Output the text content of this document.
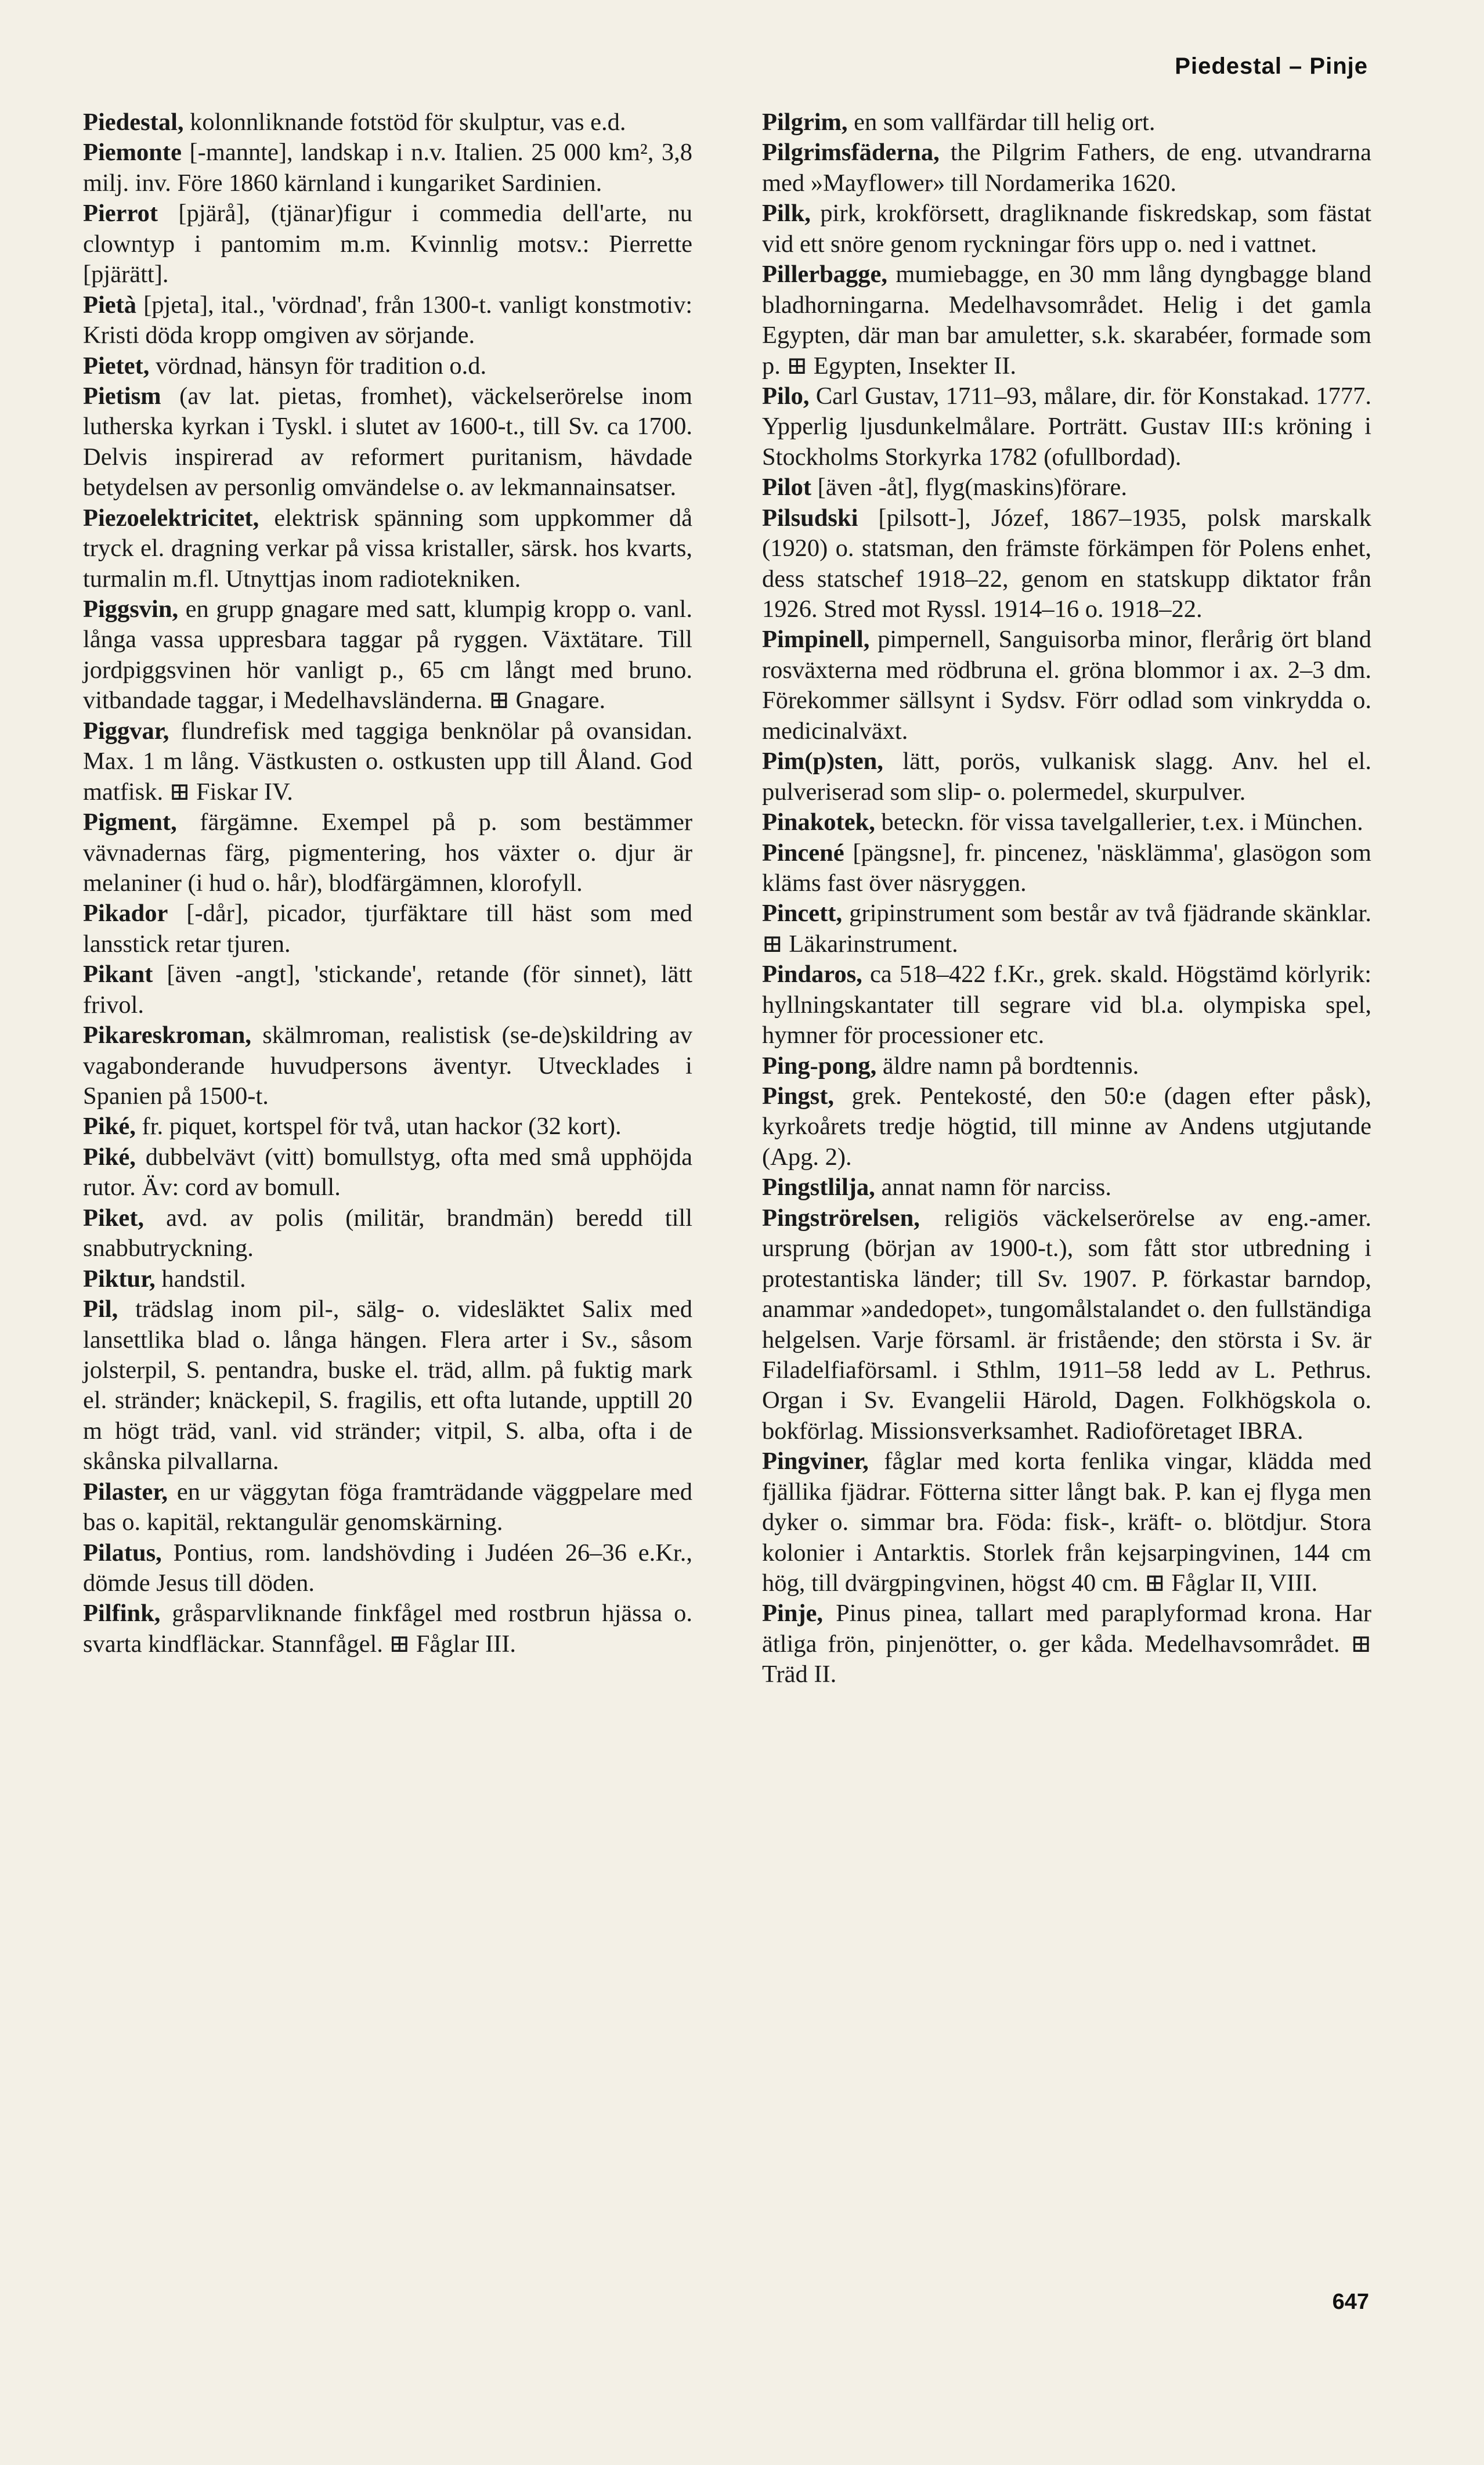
Piedestal – Pinje

Piedestal, kolonnliknande fotstöd för skulptur, vas e.d.

Piemonte [-mannte], landskap i n.v. Italien. 25 000 km², 3,8 milj. inv. Före 1860 kärnland i kungariket Sardinien.

Pierrot [pjärå], (tjänar)figur i commedia dell'arte, nu clowntyp i pantomim m.m. Kvinnlig motsv.: Pierrette [pjärätt].

Pietà [pjeta], ital., 'vördnad', från 1300-t. vanligt konstmotiv: Kristi döda kropp omgiven av sörjande.

Pietet, vördnad, hänsyn för tradition o.d.

Pietism (av lat. pietas, fromhet), väckelserörelse inom lutherska kyrkan i Tyskl. i slutet av 1600-t., till Sv. ca 1700. Delvis inspirerad av reformert puritanism, hävdade betydelsen av personlig omvändelse o. av lekmannainsatser.

Piezoelektricitet, elektrisk spänning som uppkommer då tryck el. dragning verkar på vissa kristaller, särsk. hos kvarts, turmalin m.fl. Utnyttjas inom radiotekniken.

Piggsvin, en grupp gnagare med satt, klumpig kropp o. vanl. långa vassa uppresbara taggar på ryggen. Växtätare. Till jordpiggsvinen hör vanligt p., 65 cm långt med bruno. vitbandade taggar, i Medelhavsländerna. ⊞ Gnagare.

Piggvar, flundrefisk med taggiga benknölar på ovansidan. Max. 1 m lång. Västkusten o. ostkusten upp till Åland. God matfisk. ⊞ Fiskar IV.

Pigment, färgämne. Exempel på p. som bestämmer vävnadernas färg, pigmentering, hos växter o. djur är melaniner (i hud o. hår), blodfärgämnen, klorofyll.

Pikador [-dår], picador, tjurfäktare till häst som med lansstick retar tjuren.

Pikant [även -angt], 'stickande', retande (för sinnet), lätt frivol.

Pikareskroman, skälmroman, realistisk (se-de)skildring av vagabonderande huvudpersons äventyr. Utvecklades i Spanien på 1500-t.

Piké, fr. piquet, kortspel för två, utan hackor (32 kort).

Piké, dubbelvävt (vitt) bomullstyg, ofta med små upphöjda rutor. Äv: cord av bomull.

Piket, avd. av polis (militär, brandmän) beredd till snabbutryckning.

Piktur, handstil.

Pil, trädslag inom pil-, sälg- o. videsläktet Salix med lansettlika blad o. långa hängen. Flera arter i Sv., såsom jolsterpil, S. pentandra, buske el. träd, allm. på fuktig mark el. stränder; knäckepil, S. fragilis, ett ofta lutande, upptill 20 m högt träd, vanl. vid stränder; vitpil, S. alba, ofta i de skånska pilvallarna.

Pilaster, en ur väggytan föga framträdande väggpelare med bas o. kapitäl, rektangulär genomskärning.

Pilatus, Pontius, rom. landshövding i Judéen 26–36 e.Kr., dömde Jesus till döden.

Pilfink, gråsparvliknande finkfågel med rostbrun hjässa o. svarta kindfläckar. Stannfågel. ⊞ Fåglar III.

Pilgrim, en som vallfärdar till helig ort.

Pilgrimsfäderna, the Pilgrim Fathers, de eng. utvandrarna med »Mayflower» till Nordamerika 1620.

Pilk, pirk, krokförsett, dragliknande fiskredskap, som fästat vid ett snöre genom ryckningar förs upp o. ned i vattnet.

Pillerbagge, mumiebagge, en 30 mm lång dyngbagge bland bladhorningarna. Medelhavsområdet. Helig i det gamla Egypten, där man bar amuletter, s.k. skarabéer, formade som p. ⊞ Egypten, Insekter II.

Pilo, Carl Gustav, 1711–93, målare, dir. för Konstakad. 1777. Ypperlig ljusdunkelmålare. Porträtt. Gustav III:s kröning i Stockholms Storkyrka 1782 (ofullbordad).

Pilot [även -åt], flyg(maskins)förare.

Pilsudski [pilsott-], Józef, 1867–1935, polsk marskalk (1920) o. statsman, den främste förkämpen för Polens enhet, dess statschef 1918–22, genom en statskupp diktator från 1926. Stred mot Ryssl. 1914–16 o. 1918–22.

Pimpinell, pimpernell, Sanguisorba minor, flerårig ört bland rosväxterna med rödbruna el. gröna blommor i ax. 2–3 dm. Förekommer sällsynt i Sydsv. Förr odlad som vinkrydda o. medicinalväxt.

Pim(p)sten, lätt, porös, vulkanisk slagg. Anv. hel el. pulveriserad som slip- o. polermedel, skurpulver.

Pinakotek, beteckn. för vissa tavelgallerier, t.ex. i München.

Pincené [pängsne], fr. pincenez, 'näsklämma', glasögon som kläms fast över näsryggen.

Pincett, gripinstrument som består av två fjädrande skänklar. ⊞ Läkarinstrument.

Pindaros, ca 518–422 f.Kr., grek. skald. Högstämd körlyrik: hyllningskantater till segrare vid bl.a. olympiska spel, hymner för processioner etc.

Ping-pong, äldre namn på bordtennis.

Pingst, grek. Pentekosté, den 50:e (dagen efter påsk), kyrkoårets tredje högtid, till minne av Andens utgjutande (Apg. 2).

Pingstlilja, annat namn för narciss.

Pingströrelsen, religiös väckelserörelse av eng.-amer. ursprung (början av 1900-t.), som fått stor utbredning i protestantiska länder; till Sv. 1907. P. förkastar barndop, anammar »andedopet», tungomålstalandet o. den fullständiga helgelsen. Varje församl. är fristående; den största i Sv. är Filadelfiaförsaml. i Sthlm, 1911–58 ledd av L. Pethrus. Organ i Sv. Evangelii Härold, Dagen. Folkhögskola o. bokförlag. Missionsverksamhet. Radioföretaget IBRA.

Pingviner, fåglar med korta fenlika vingar, klädda med fjällika fjädrar. Fötterna sitter långt bak. P. kan ej flyga men dyker o. simmar bra. Föda: fisk-, kräft- o. blötdjur. Stora kolonier i Antarktis. Storlek från kejsarpingvinen, 144 cm hög, till dvärgpingvinen, högst 40 cm. ⊞ Fåglar II, VIII.

Pinje, Pinus pinea, tallart med paraplyformad krona. Har ätliga frön, pinjenötter, o. ger kåda. Medelhavsområdet. ⊞ Träd II.

647
